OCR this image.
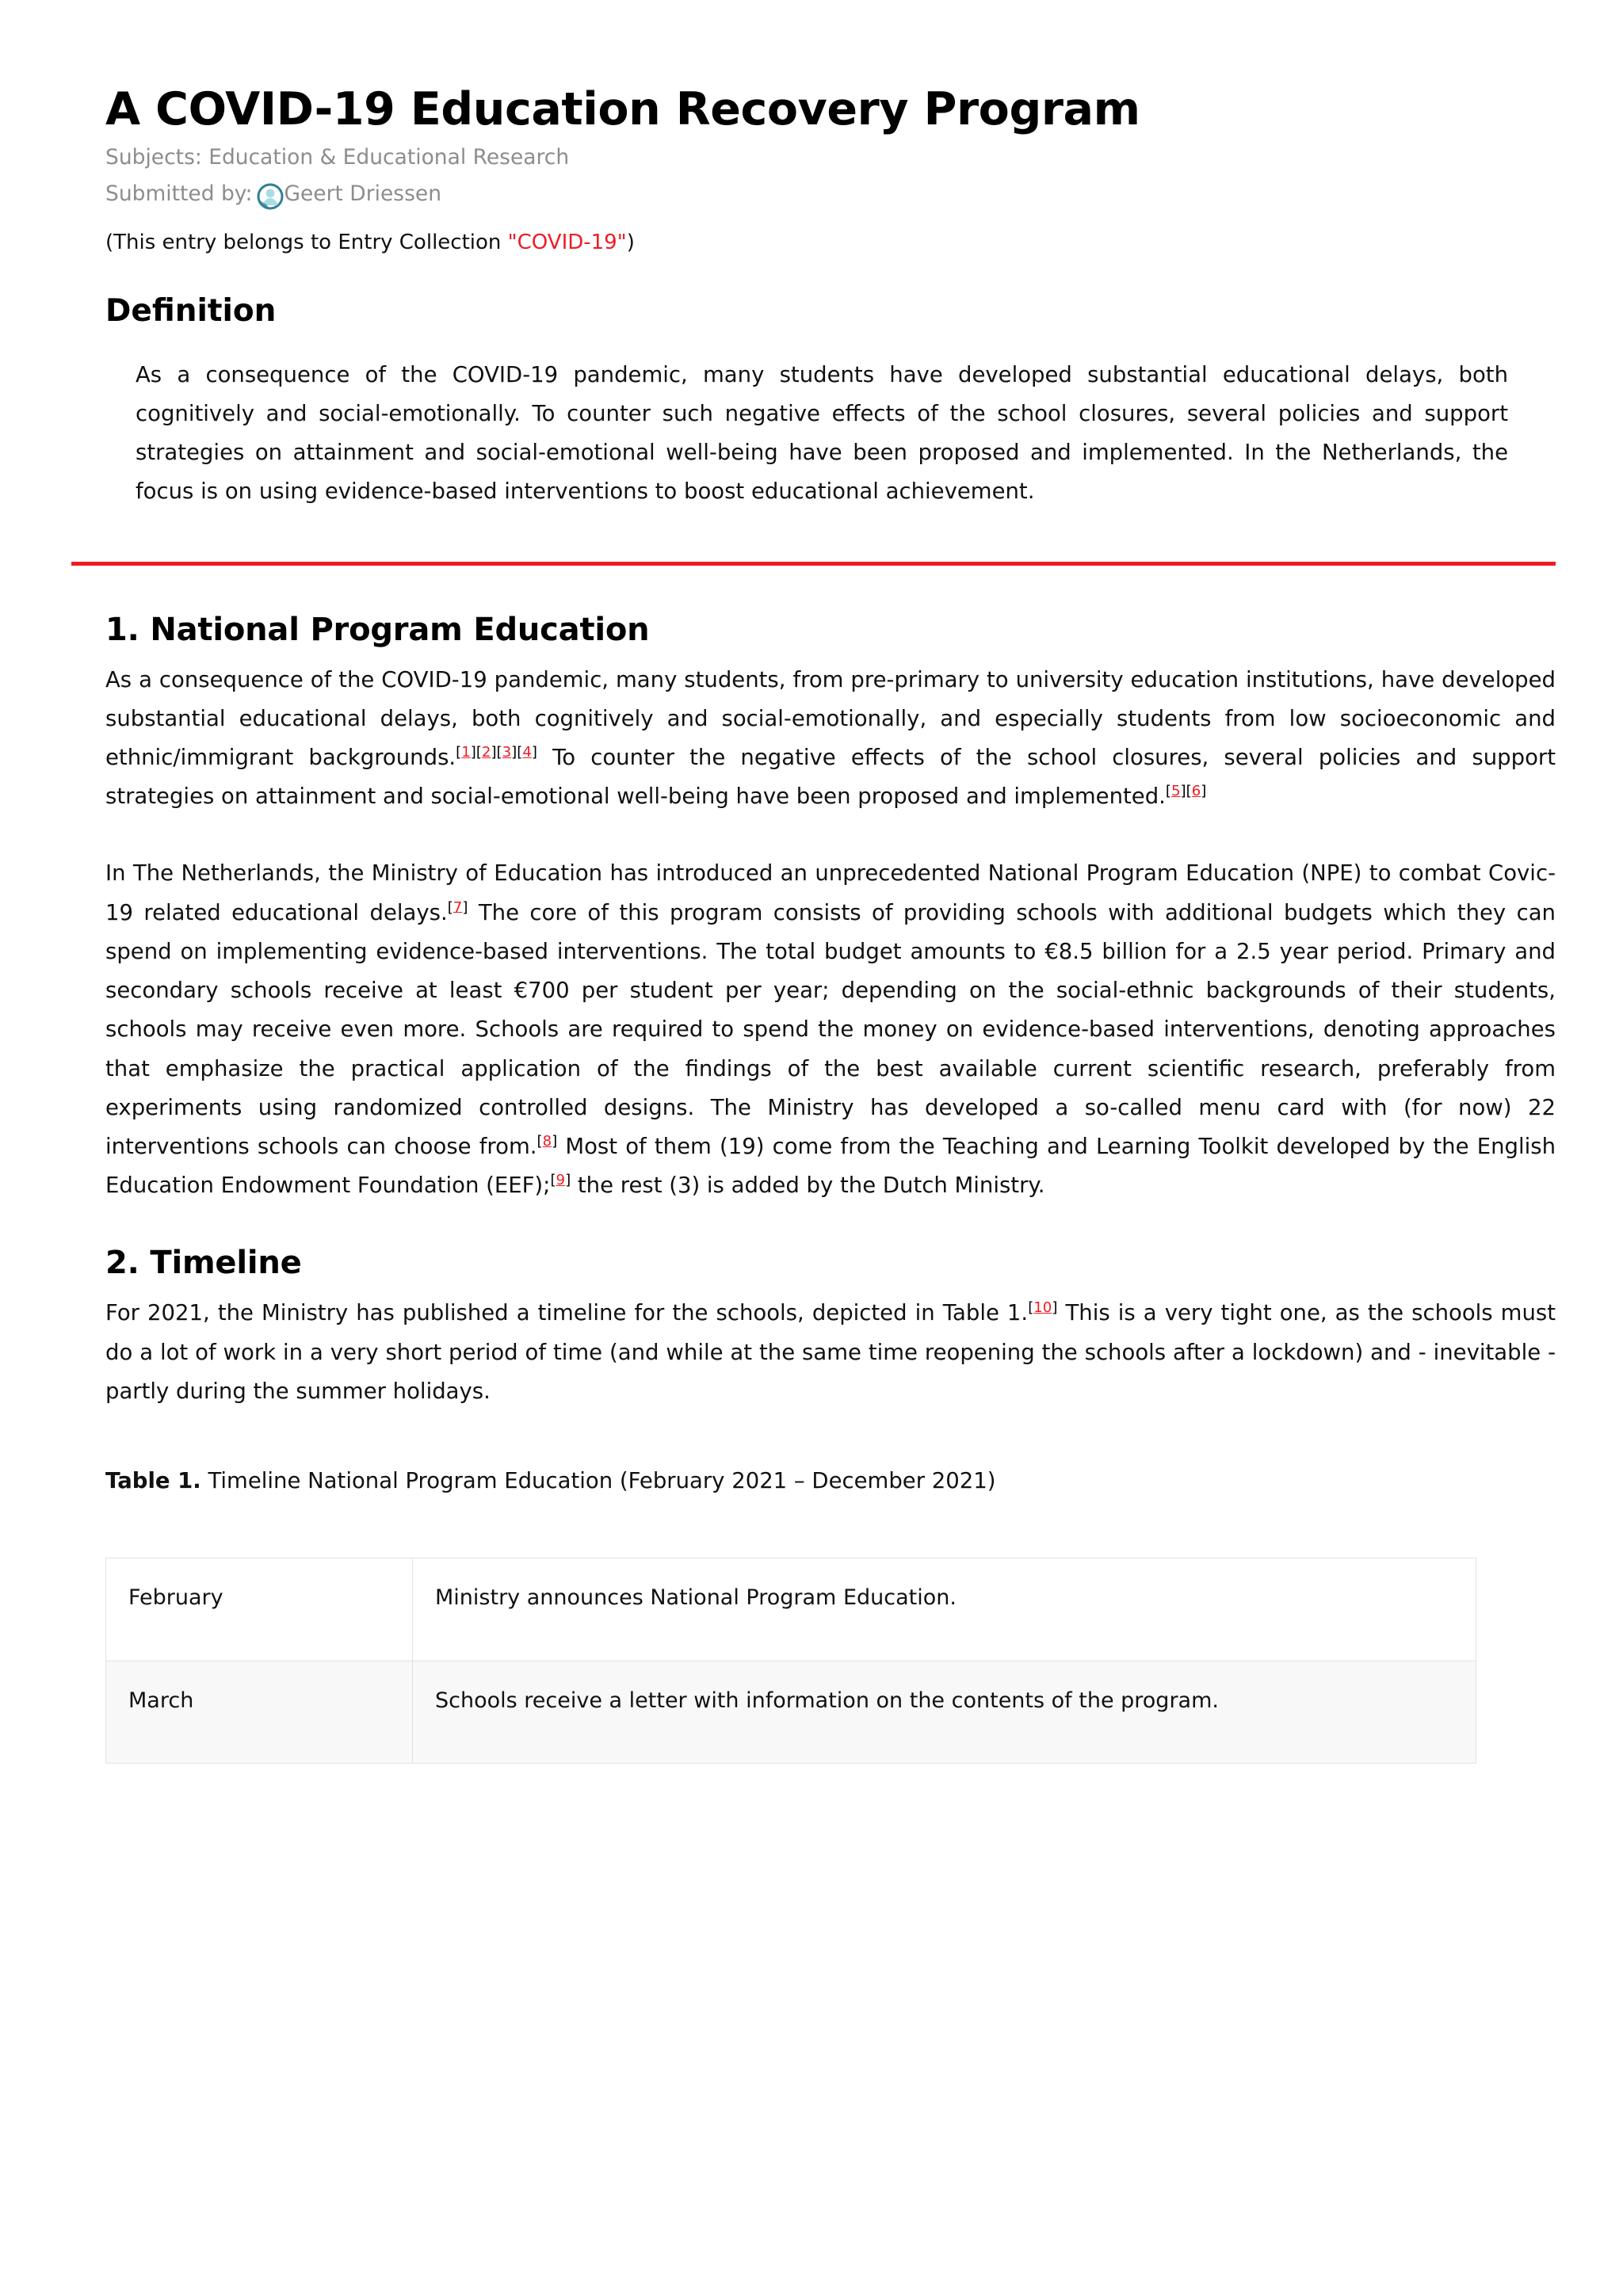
A COVID-19 Education Recovery Program

Subjects: Education & Educational Research

Submitted by: Geert Driessen

(This entry belongs to Entry Collection "COVID-19")

Definition

As a consequence of the COVID-19 pandemic, many students have developed substantial educational delays, both cognitively and social-emotionally. To counter such negative effects of the school closures, several policies and support strategies on attainment and social-emotional well-being have been proposed and implemented. In the Netherlands, the focus is on using evidence-based interventions to boost educational achievement.

1. National Program Education

As a consequence of the COVID-19 pandemic, many students, from pre-primary to university education institutions, have developed substantial educational delays, both cognitively and social-emotionally, and especially students from low socioeconomic and ethnic/immigrant backgrounds.[1][2][3][4] To counter the negative effects of the school closures, several policies and support strategies on attainment and social-emotional well-being have been proposed and implemented.[5][6]

In The Netherlands, the Ministry of Education has introduced an unprecedented National Program Education (NPE) to combat Covic-19 related educational delays.[7] The core of this program consists of providing schools with additional budgets which they can spend on implementing evidence-based interventions. The total budget amounts to €8.5 billion for a 2.5 year period. Primary and secondary schools receive at least €700 per student per year; depending on the social-ethnic backgrounds of their students, schools may receive even more. Schools are required to spend the money on evidence-based interventions, denoting approaches that emphasize the practical application of the findings of the best available current scientific research, preferably from experiments using randomized controlled designs. The Ministry has developed a so-called menu card with (for now) 22 interventions schools can choose from.[8] Most of them (19) come from the Teaching and Learning Toolkit developed by the English Education Endowment Foundation (EEF);[9] the rest (3) is added by the Dutch Ministry.

2. Timeline

For 2021, the Ministry has published a timeline for the schools, depicted in Table 1.[10] This is a very tight one, as the schools must do a lot of work in a very short period of time (and while at the same time reopening the schools after a lockdown) and - inevitable - partly during the summer holidays.

Table 1. Timeline National Program Education (February 2021 – December 2021)

February	Ministry announces National Program Education.
March	Schools receive a letter with information on the contents of the program.
